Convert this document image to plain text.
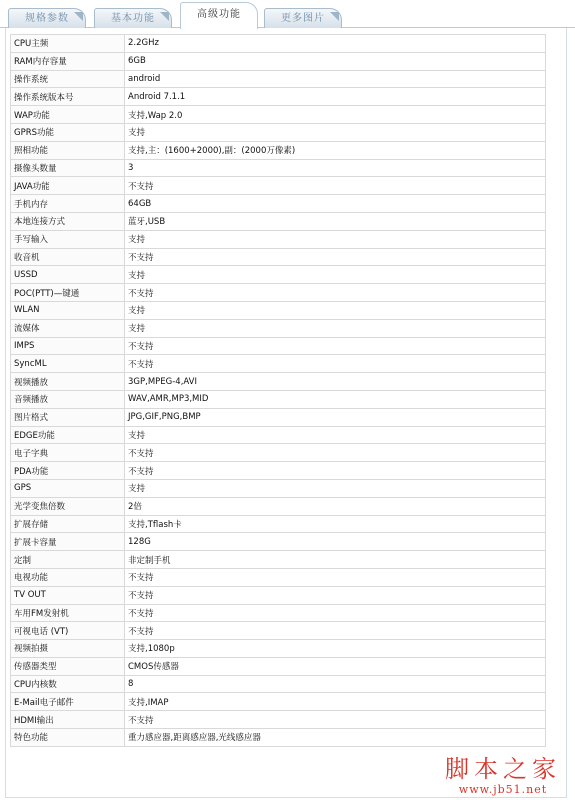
规格参数	基本功能	高级功能	更多图片
CPU主频	2.2GHz
RAM内存容量	6GB
操作系统	android
操作系统版本号	Android 7.1.1
WAP功能	支持,Wap 2.0
GPRS功能	支持
照相功能	支持,主：(1600+2000),副：(2000万像素)
摄像头数量	3
JAVA功能	不支持
手机内存	64GB
本地连接方式	蓝牙,USB
手写输入	支持
收音机	不支持
USSD	支持
POC(PTT)—键通	不支持
WLAN	支持
流媒体	支持
IMPS	不支持
SyncML	不支持
视频播放	3GP,MPEG-4,AVI
音频播放	WAV,AMR,MP3,MID
图片格式	JPG,GIF,PNG,BMP
EDGE功能	支持
电子字典	不支持
PDA功能	不支持
GPS	支持
光学变焦倍数	2倍
扩展存储	支持,Tflash卡
扩展卡容量	128G
定制	非定制手机
电视功能	不支持
TV OUT	不支持
车用FM发射机	不支持
可视电话 (VT)	不支持
视频拍摄	支持,1080p
传感器类型	CMOS传感器
CPU内核数	8
E-Mail电子邮件	支持,IMAP
HDMI输出	不支持
特色功能	重力感应器,距离感应器,光线感应器
脚本之家
www.jb51.net
